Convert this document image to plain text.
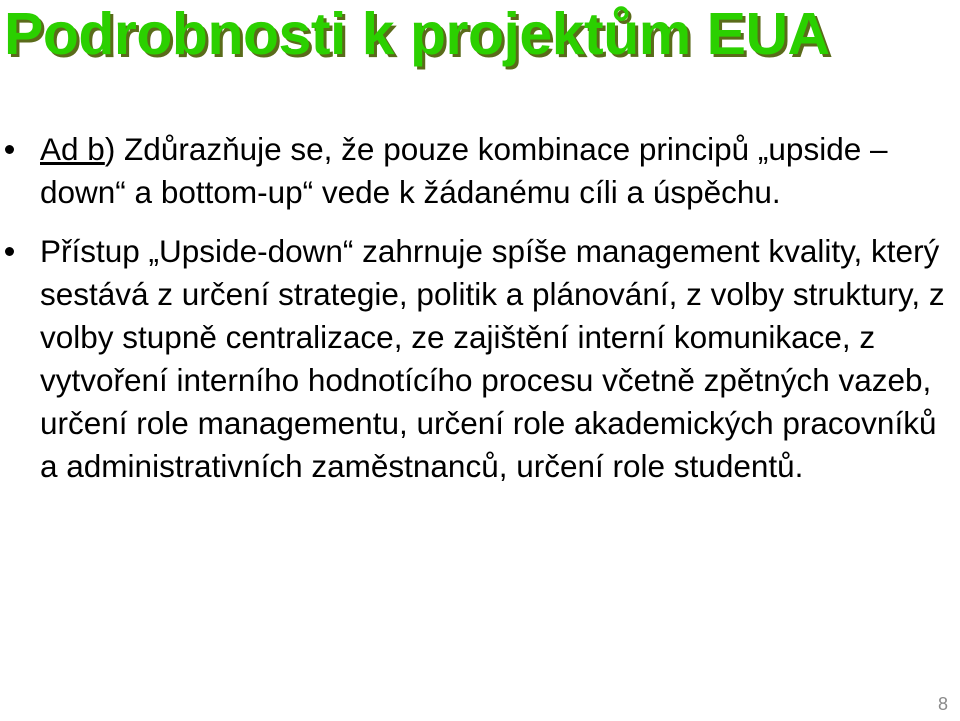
Podrobnosti k projektům EUA
Ad b) Zdůrazňuje se, že pouze kombinace principů „upside –down“ a bottom-up“ vede k žádanému cíli a úspěchu.
Přístup „Upside-down“ zahrnuje spíše management kvality, který sestává z určení strategie, politik a plánování, z volby struktury, z volby stupně centralizace, ze zajištění interní komunikace, z vytvoření interního hodnotícího procesu včetně zpětných vazeb, určení role managementu, určení role akademických pracovníků a administrativních zaměstnanců, určení role studentů.
8
